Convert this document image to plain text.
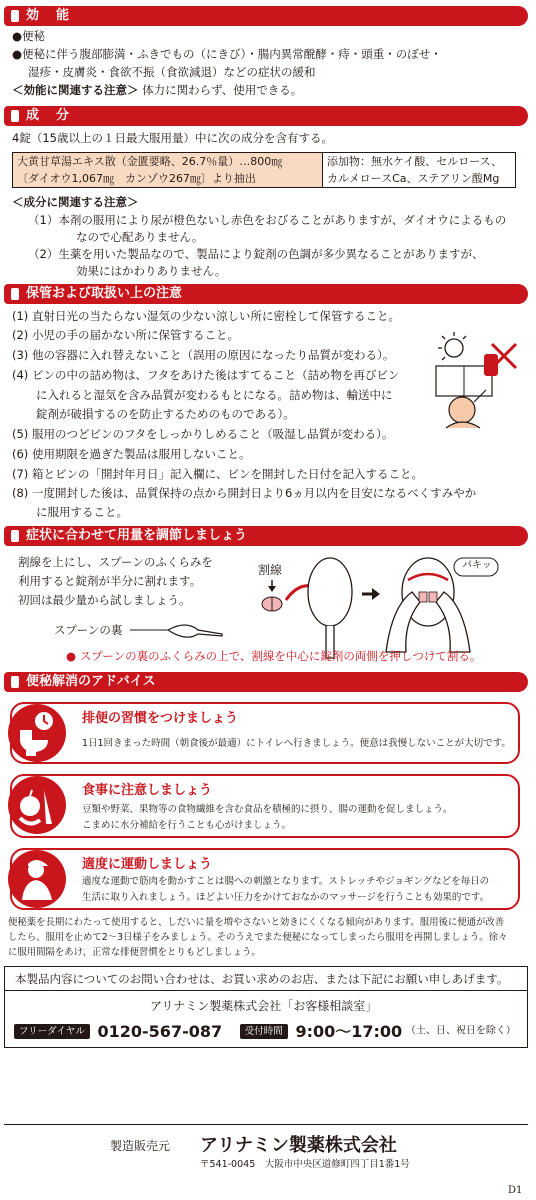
効　能
●便秘
●便秘に伴う腹部膨満・ふきでもの（にきび）・腸内異常醗酵・痔・頭重・のぼせ・
湿疹・皮膚炎・食欲不振（食欲減退）などの症状の緩和
＜効能に関連する注意＞ 体力に関わらず、使用できる。
成　分
4錠（15歳以上の１日最大服用量）中に次の成分を含有する。
大黄甘草湯エキス散（金匱要略、26.7％量）…800㎎
〔ダイオウ1,067㎎　カンゾウ267㎎〕より抽出
添加物：無水ケイ酸、セルロース、
カルメロースCa、ステアリン酸Mg
＜成分に関連する注意＞
（1）本剤の服用により尿が橙色ないし赤色をおびることがありますが、ダイオウによるもの
なので心配ありません。
（2）生薬を用いた製品なので、製品により錠剤の色調が多少異なることがありますが、
効果にはかわりありません。
保管および取扱い上の注意
(1) 直射日光の当たらない湿気の少ない涼しい所に密栓して保管すること。
(2) 小児の手の届かない所に保管すること。
(3) 他の容器に入れ替えないこと（誤用の原因になったり品質が変わる）。
(4) ビンの中の詰め物は、フタをあけた後はすてること（詰め物を再びビン
に入れると湿気を含み品質が変わるもとになる。詰め物は、輸送中に
錠剤が破損するのを防止するためのものである）。
(5) 服用のつどビンのフタをしっかりしめること（吸湿し品質が変わる）。
(6) 使用期限を過ぎた製品は服用しないこと。
(7) 箱とビンの「開封年月日」記入欄に、ビンを開封した日付を記入すること。
(8) 一度開封した後は、品質保持の点から開封日より6ヵ月以内を目安になるべくすみやか
に服用すること。
症状に合わせて用量を調節しましょう
割線を上にし、スプーンのふくらみを
利用すると錠剤が半分に割れます。
初回は最少量から試しましょう。
割線	パキッ
スプーンの裏
● スプーンの裏のふくらみの上で、割線を中心に錠剤の両側を押しつけて割る。
便秘解消のアドバイス
排便の習慣をつけましょう
1日1回きまった時間（朝食後が最適）にトイレへ行きましょう。便意は我慢しないことが大切です。
食事に注意しましょう
豆類や野菜、果物等の食物繊維を含む食品を積極的に摂り、腸の運動を促しましょう。
こまめに水分補給を行うことも心がけましょう。
適度に運動しましょう
適度な運動で筋肉を動かすことは腸への刺激となります。ストレッチやジョギングなどを毎日の
生活に取り入れましょう。ほどよい圧力をかけておなかのマッサージを行うことも効果的です。
便秘薬を長期にわたって使用すると、しだいに量を増やさないと効きにくくなる傾向があります。服用後に便通が改善
したら、服用を止めて2〜3日様子をみましょう。そのうえでまた便秘になってしまったら服用を再開しましょう。徐々
に服用間隔をあけ、正常な排便習慣をとりもどしましょう。
本製品内容についてのお問い合わせは、お買い求めのお店、または下記にお願い申しあげます。
アリナミン製薬株式会社「お客様相談室」
フリーダイヤル 0120-567-087 受付時間 9:00〜17:00 （土、日、祝日を除く）
製造販売元 アリナミン製薬株式会社
〒541-0045　大阪市中央区道修町四丁目1番1号
D1
